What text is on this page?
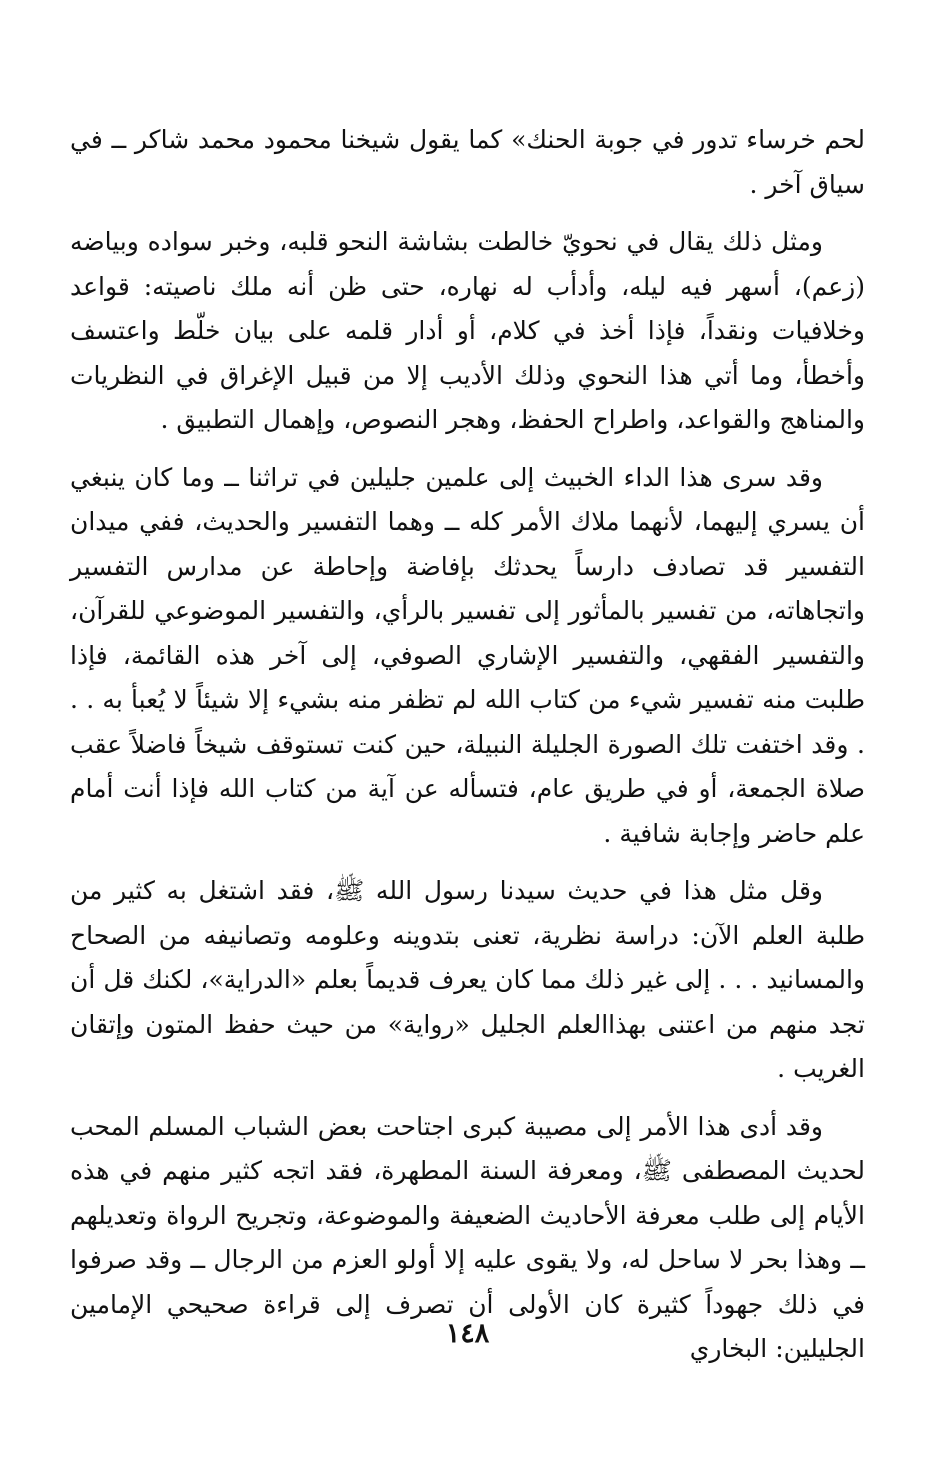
لحم خرساء تدور في جوبة الحنك» كما يقول شيخنا محمود محمد شاكر ــ في سياق آخر .

ومثل ذلك يقال في نحويّ خالطت بشاشة النحو قلبه، وخبر سواده وبياضه (زعم)، أسهر فيه ليله، وأدأب له نهاره، حتى ظن أنه ملك ناصيته: قواعد وخلافيات ونقداً، فإذا أخذ في كلام، أو أدار قلمه على بيان خلّط واعتسف وأخطأ، وما أتي هذا النحوي وذلك الأديب إلا من قبيل الإغراق في النظريات والمناهج والقواعد، واطراح الحفظ، وهجر النصوص، وإهمال التطبيق .

وقد سرى هذا الداء الخبيث إلى علمين جليلين في تراثنا ــ وما كان ينبغي أن يسري إليهما، لأنهما ملاك الأمر كله ــ وهما التفسير والحديث، ففي ميدان التفسير قد تصادف دارساً يحدثك بإفاضة وإحاطة عن مدارس التفسير واتجاهاته، من تفسير بالمأثور إلى تفسير بالرأي، والتفسير الموضوعي للقرآن، والتفسير الفقهي، والتفسير الإشاري الصوفي، إلى آخر هذه القائمة، فإذا طلبت منه تفسير شيء من كتاب الله لم تظفر منه بشيء إلا شيئاً لا يُعبأ به . . . وقد اختفت تلك الصورة الجليلة النبيلة، حين كنت تستوقف شيخاً فاضلاً عقب صلاة الجمعة، أو في طريق عام، فتسأله عن آية من كتاب الله فإذا أنت أمام علم حاضر وإجابة شافية .

وقل مثل هذا في حديث سيدنا رسول الله ﷺ، فقد اشتغل به كثير من طلبة العلم الآن: دراسة نظرية، تعنى بتدوينه وعلومه وتصانيفه من الصحاح والمسانيد . . . إلى غير ذلك مما كان يعرف قديماً بعلم «الدراية»، لكنك قل أن تجد منهم من اعتنى بهذاالعلم الجليل «رواية» من حيث حفظ المتون وإتقان الغريب .

وقد أدى هذا الأمر إلى مصيبة كبرى اجتاحت بعض الشباب المسلم المحب لحديث المصطفى ﷺ، ومعرفة السنة المطهرة، فقد اتجه كثير منهم في هذه الأيام إلى طلب معرفة الأحاديث الضعيفة والموضوعة، وتجريح الرواة وتعديلهم ــ وهذا بحر لا ساحل له، ولا يقوى عليه إلا أولو العزم من الرجال ــ وقد صرفوا في ذلك جهوداً كثيرة كان الأولى أن تصرف إلى قراءة صحيحي الإمامين الجليلين: البخاري

١٤٨
